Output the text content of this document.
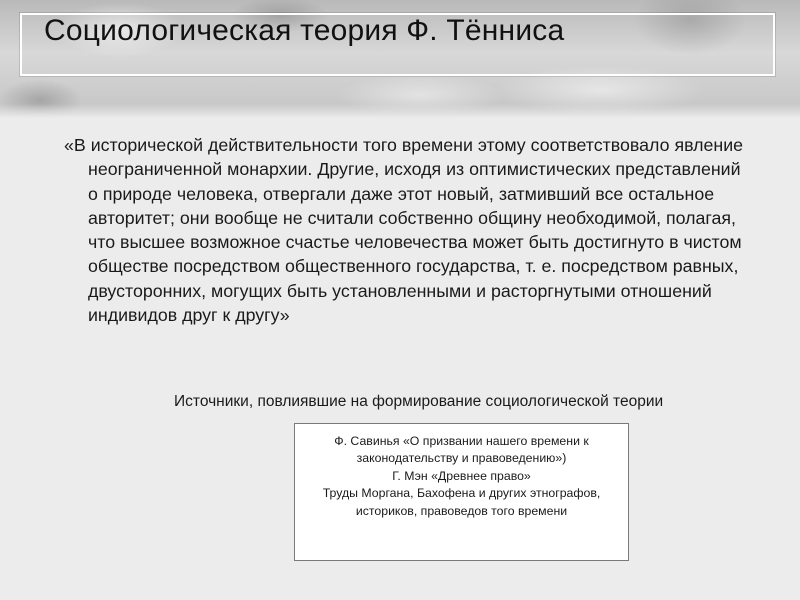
Социологическая теория Ф. Тённиса

«В исторической действительности того времени этому соответствовало явление неограниченной монархии. Другие, исходя из оптимистических представлений о природе человека, отвергали даже этот новый, затмивший все остальное авторитет; они вообще не считали собственно общину необходимой, полагая, что высшее возможное счастье человечества может быть достигнуто в чистом обществе посредством общественного государства, т. е. посредством равных, двусторонних, могущих быть установленными и расторгнутыми отношений индивидов друг к другу»

Источники, повлиявшие на формирование социологической теории

Ф. Савинья «О призвании нашего времени к законодательству и правоведению»)
Г. Мэн «Древнее право»
Труды Моргана, Бахофена и других этнографов, историков, правоведов того времени
